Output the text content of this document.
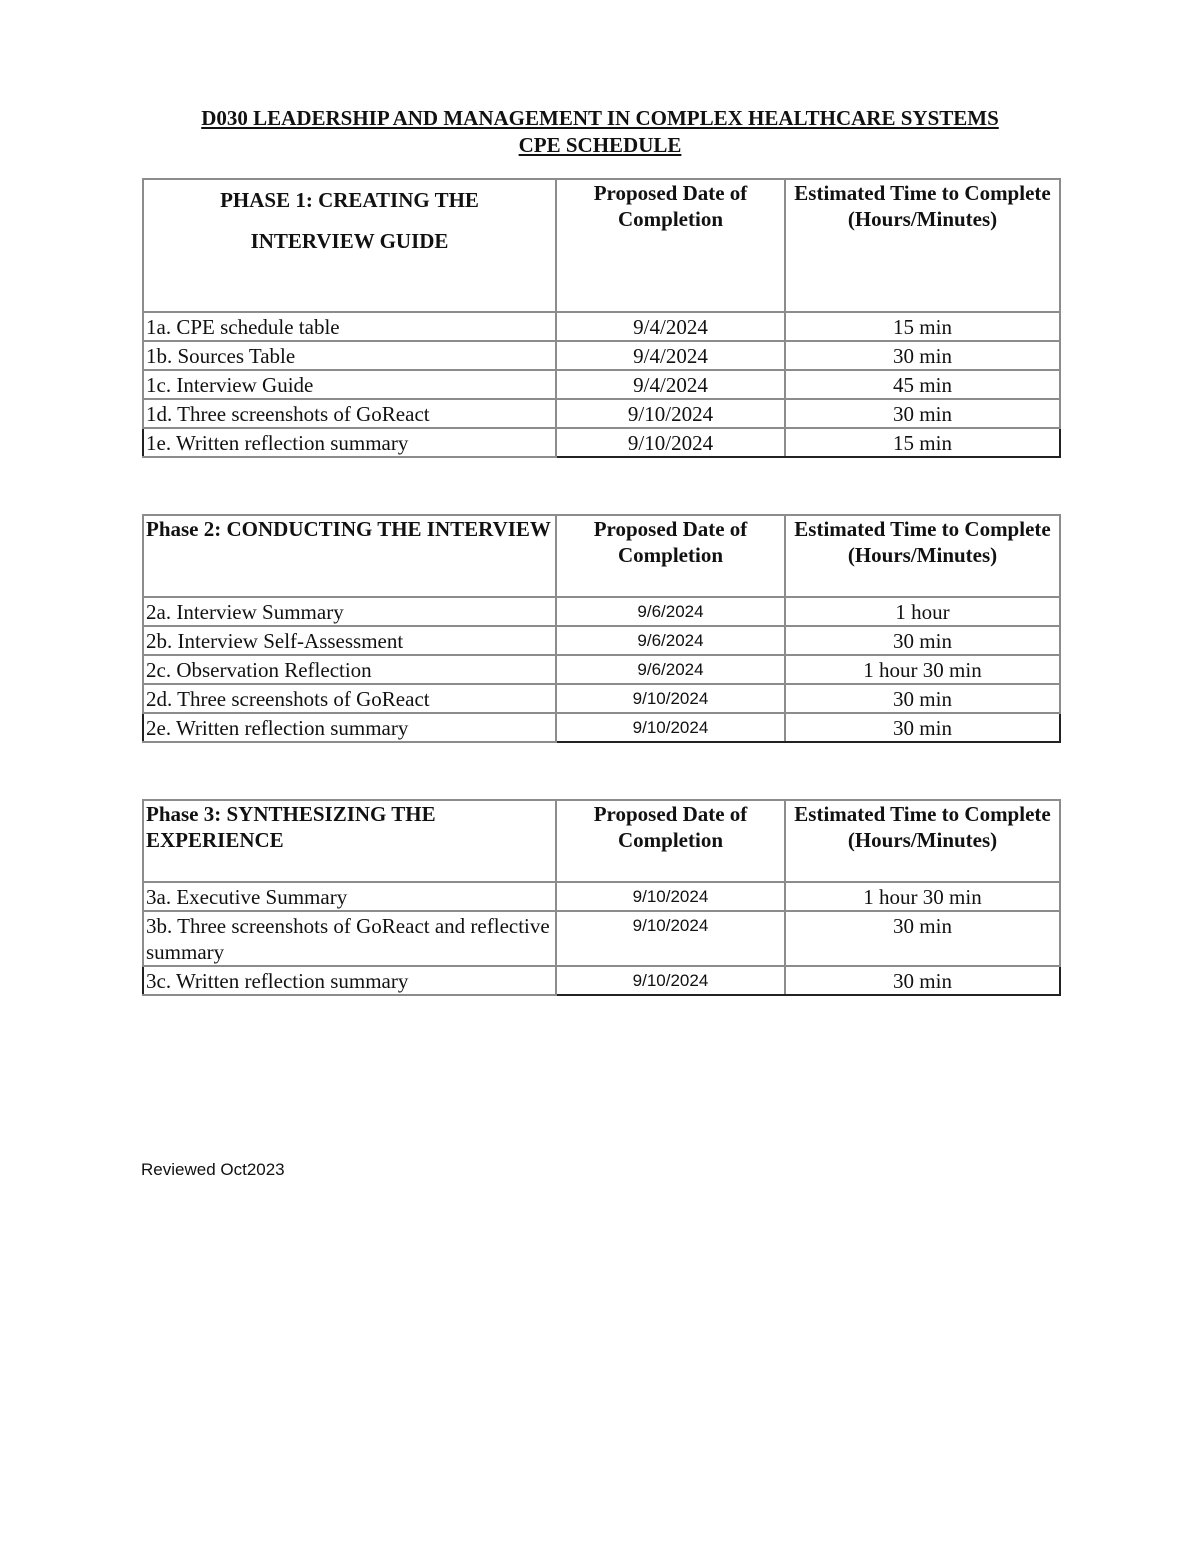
D030 LEADERSHIP AND MANAGEMENT IN COMPLEX HEALTHCARE SYSTEMS
CPE SCHEDULE
PHASE 1: CREATING THE
INTERVIEW GUIDE	Proposed Date of Completion	Estimated Time to Complete (Hours/Minutes)
1a. CPE schedule table	9/4/2024	15 min
1b. Sources Table	9/4/2024	30 min
1c. Interview Guide	9/4/2024	45 min
1d. Three screenshots of GoReact	9/10/2024	30 min
1e. Written reflection summary	9/10/2024	15 min
Phase 2: CONDUCTING THE INTERVIEW	Proposed Date of Completion	Estimated Time to Complete (Hours/Minutes)
2a. Interview Summary	9/6/2024	1 hour
2b. Interview Self-Assessment	9/6/2024	30 min
2c. Observation Reflection	9/6/2024	1 hour 30 min
2d. Three screenshots of GoReact	9/10/2024	30 min
2e. Written reflection summary	9/10/2024	30 min
Phase 3: SYNTHESIZING THE EXPERIENCE	Proposed Date of Completion	Estimated Time to Complete (Hours/Minutes)
3a. Executive Summary	9/10/2024	1 hour 30 min
3b. Three screenshots of GoReact and reflective summary	9/10/2024	30 min
3c. Written reflection summary	9/10/2024	30 min
Reviewed Oct2023
